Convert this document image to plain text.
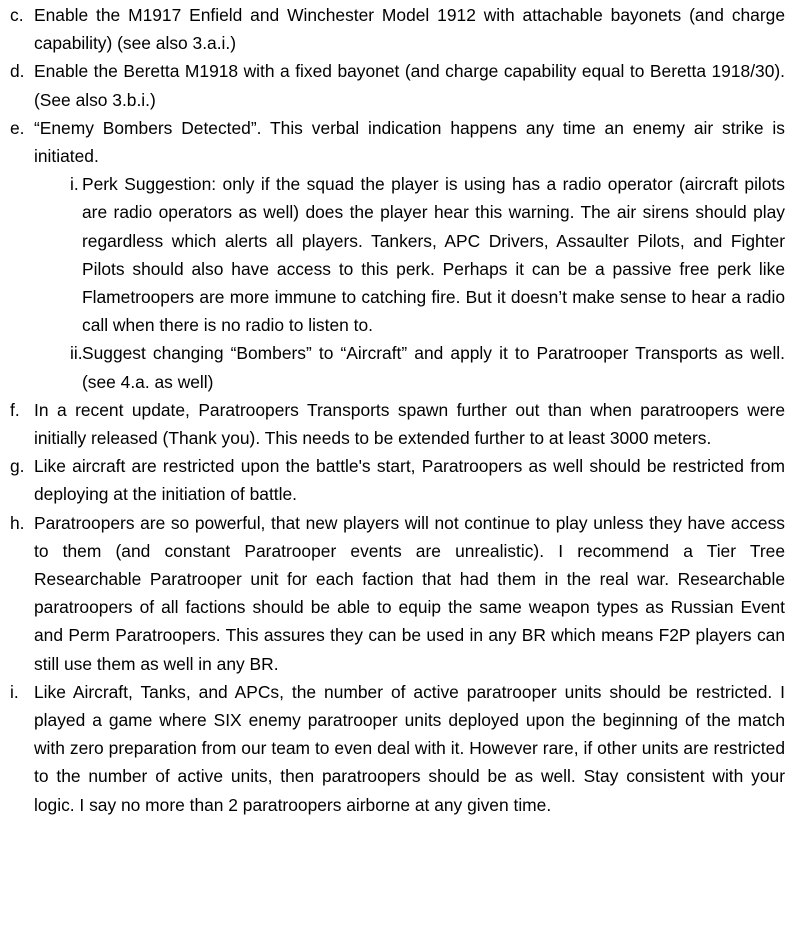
c. Enable the M1917 Enfield and Winchester Model 1912 with attachable bayonets (and charge capability) (see also 3.a.i.)

d. Enable the Beretta M1918 with a fixed bayonet (and charge capability equal to Beretta 1918/30). (See also 3.b.i.)

e. “Enemy Bombers Detected”. This verbal indication happens any time an enemy air strike is initiated.

i. Perk Suggestion: only if the squad the player is using has a radio operator (aircraft pilots are radio operators as well) does the player hear this warning. The air sirens should play regardless which alerts all players. Tankers, APC Drivers, Assaulter Pilots, and Fighter Pilots should also have access to this perk. Perhaps it can be a passive free perk like Flametroopers are more immune to catching fire. But it doesn’t make sense to hear a radio call when there is no radio to listen to.

ii. Suggest changing “Bombers” to “Aircraft” and apply it to Paratrooper Transports as well. (see 4.a. as well)

f. In a recent update, Paratroopers Transports spawn further out than when paratroopers were initially released (Thank you). This needs to be extended further to at least 3000 meters.

g. Like aircraft are restricted upon the battle's start, Paratroopers as well should be restricted from deploying at the initiation of battle.

h. Paratroopers are so powerful, that new players will not continue to play unless they have access to them (and constant Paratrooper events are unrealistic). I recommend a Tier Tree Researchable Paratrooper unit for each faction that had them in the real war. Researchable paratroopers of all factions should be able to equip the same weapon types as Russian Event and Perm Paratroopers. This assures they can be used in any BR which means F2P players can still use them as well in any BR.

i. Like Aircraft, Tanks, and APCs, the number of active paratrooper units should be restricted. I played a game where SIX enemy paratrooper units deployed upon the beginning of the match with zero preparation from our team to even deal with it. However rare, if other units are restricted to the number of active units, then paratroopers should be as well. Stay consistent with your logic. I say no more than 2 paratroopers airborne at any given time.
